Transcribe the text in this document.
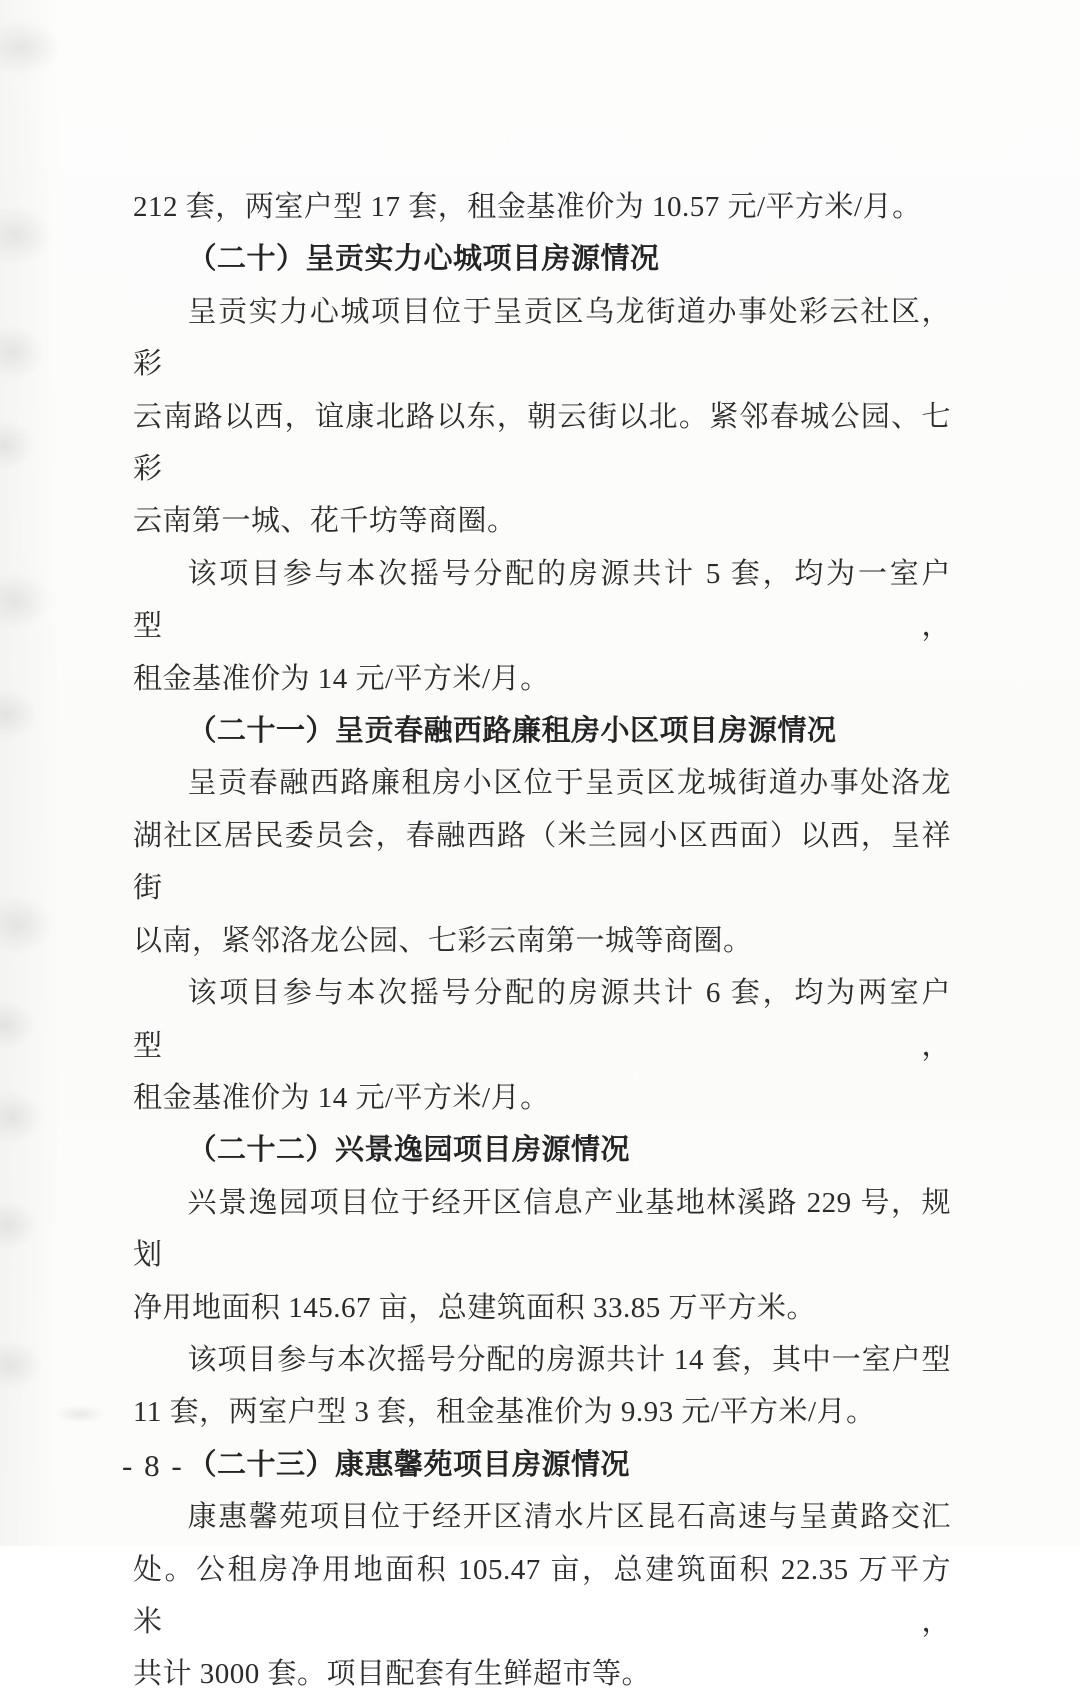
212 套，两室户型 17 套，租金基准价为 10.57 元/平方米/月。
（二十）呈贡实力心城项目房源情况
呈贡实力心城项目位于呈贡区乌龙街道办事处彩云社区，彩
云南路以西，谊康北路以东，朝云街以北。紧邻春城公园、七彩
云南第一城、花千坊等商圈。
该项目参与本次摇号分配的房源共计 5 套，均为一室户型，
租金基准价为 14 元/平方米/月。
（二十一）呈贡春融西路廉租房小区项目房源情况
呈贡春融西路廉租房小区位于呈贡区龙城街道办事处洛龙
湖社区居民委员会，春融西路（米兰园小区西面）以西，呈祥街
以南，紧邻洛龙公园、七彩云南第一城等商圈。
该项目参与本次摇号分配的房源共计 6 套，均为两室户型，
租金基准价为 14 元/平方米/月。
（二十二）兴景逸园项目房源情况
兴景逸园项目位于经开区信息产业基地林溪路 229 号，规划
净用地面积 145.67 亩，总建筑面积 33.85 万平方米。
该项目参与本次摇号分配的房源共计 14 套，其中一室户型
11 套，两室户型 3 套，租金基准价为 9.93 元/平方米/月。
（二十三）康惠馨苑项目房源情况
康惠馨苑项目位于经开区清水片区昆石高速与呈黄路交汇
处。公租房净用地面积 105.47 亩，总建筑面积 22.35 万平方米，
共计 3000 套。项目配套有生鲜超市等。
- 8 -
